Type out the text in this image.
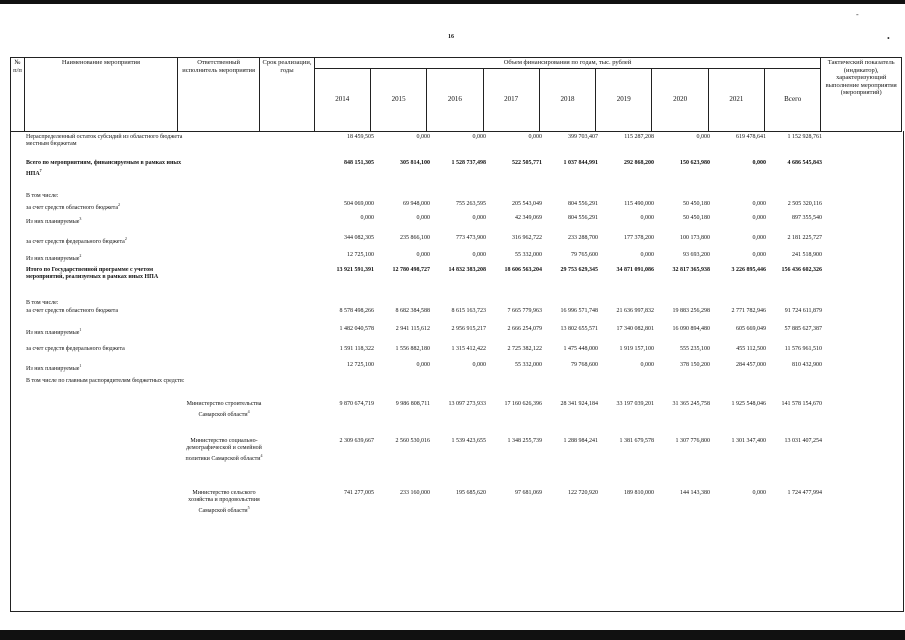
-
•
16
№ п/п	Наименование мероприятия	Ответственный исполнитель мероприятия	Срок реализации, годы	Объем финансирования по годам, тыс. рублей									Тактический показатель (индикатор), характеризующий выполнение мероприятия (мероприятий)
				2014	2015	2016	2017	2018	2019	2020	2021	Всего	
Нераспределенный остаток субсидий из областного бюджета местным бюджетам
18 459,505	0,000	0,000	0,000	399 703,407	115 287,208	0,000	619 478,641	1 152 928,761
Всего по мероприятиям, финансируемым в рамках иных НПА$^7$
848 151,305	305 814,100	1 528 737,498	522 505,771	1 037 844,991	292 868,200	150 623,980	0,000	4 686 545,843
В том числе:
за счет средств областного бюджета$^2$	504 069,000	69 948,000	755 263,595	205 543,049	804 556,291	115 490,000	50 450,180	0,000	2 505 320,116
Из них планируемые$^3$	0,000	0,000	0,000	42 349,069	804 556,291	0,000	50 450,180	0,000	897 355,540
за счет средств федерального бюджета$^2$	344 082,305	235 866,100	773 473,900	316 962,722	233 288,700	177 378,200	100 173,800	0,000	2 181 225,727
Из них планируемые$^2$	12 725,100	0,000	0,000	55 332,000	79 765,600	0,000	93 693,200	0,000	241 518,900
Итого по Государственной программе с учетом мероприятий, реализуемых в рамках иных НПА
13 921 591,391	12 780 498,727	14 832 383,208	18 606 563,204	29 753 629,345	34 871 091,086	32 817 365,938	3 226 895,446	156 436 602,326
В том числе:
за счет средств областного бюджета	8 578 498,266	8 682 384,588	8 615 163,723	7 665 779,963	16 996 571,748	21 636 997,832	19 883 256,298	2 771 782,946	91 724 611,879
Из них планируемые$^1$	1 482 040,578	2 941 115,612	2 956 915,217	2 666 254,079	13 802 655,571	17 340 082,801	16 090 894,480	605 669,049	57 885 627,387
за счет средств федерального бюджета	1 591 118,322	1 556 882,180	1 315 412,422	2 725 382,122	1 475 448,000	1 919 157,100	555 235,100	455 112,500	11 576 961,510
Из них планируемые$^1$	12 725,100	0,000	0,000	55 332,000	79 768,600	0,000	378 150,200	284 457,000	810 432,900
В том числе по главным распорядителям бюджетных средств:
Министерство строительства Самарской области$^4$
9 870 674,719	9 986 808,711	13 097 273,933	17 160 626,396	28 341 924,184	33 197 039,201	31 365 245,758	1 925 548,046	141 578 154,670
Министерство социально-демографической и семейной политики Самарской области$^4$
2 309 639,667	2 560 530,016	1 539 423,655	1 348 255,739	1 288 984,241	1 381 679,578	1 307 776,800	1 301 347,400	13 031 407,254
Министерство сельского хозяйства и продовольствия Самарской области$^5$
741 277,005	233 160,000	195 685,620	97 681,069	122 720,920	189 810,000	144 143,380	0,000	1 724 477,994
